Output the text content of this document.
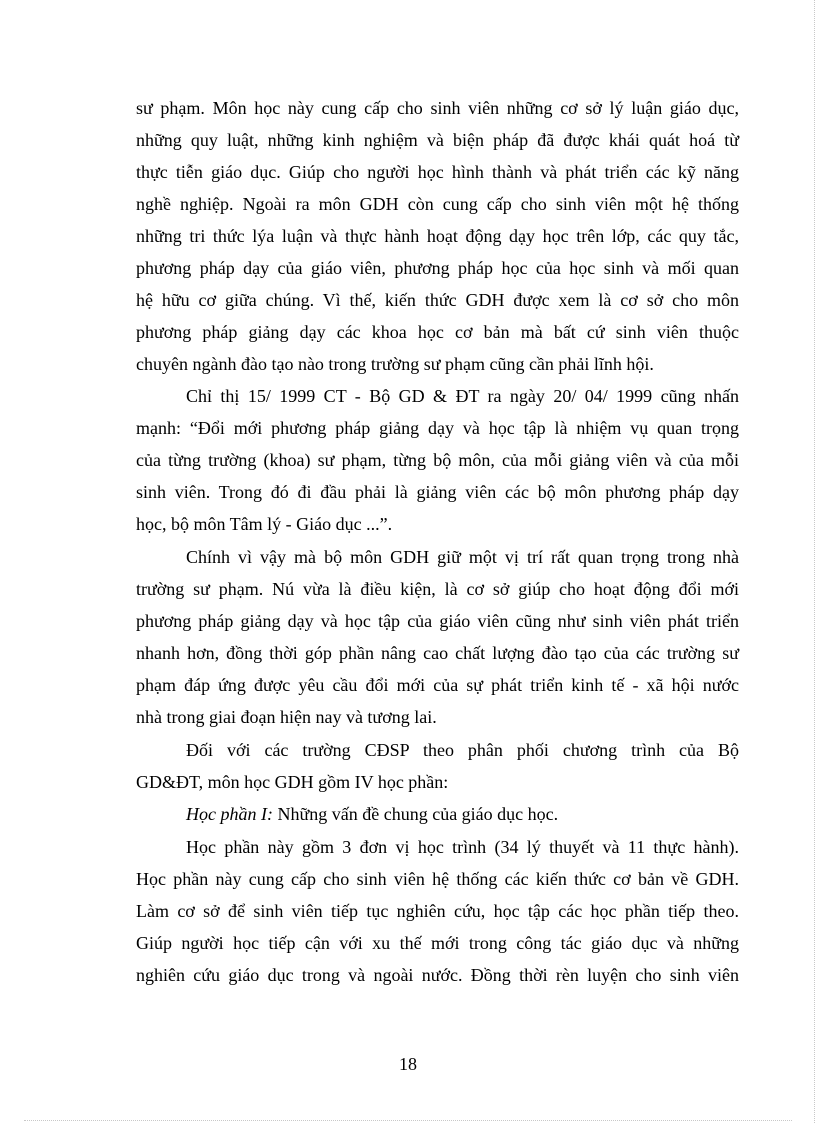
sư phạm. Môn học này cung cấp cho sinh viên những cơ sở lý luận giáo dục,
những quy luật, những kinh nghiệm và biện pháp đã được khái quát hoá từ
thực tiễn giáo dục. Giúp cho người học hình thành và phát triển các kỹ năng
nghề nghiệp. Ngoài ra môn GDH còn cung cấp cho sinh viên một hệ thống
những tri thức lýa luận và thực hành hoạt động dạy học trên lớp, các quy tắc,
phương pháp dạy của giáo viên, phương pháp học của học sinh và mối quan
hệ hữu cơ giữa chúng. Vì thế, kiến thức GDH được xem là cơ sở cho môn
phương pháp giảng dạy các khoa học cơ bản mà bất cứ sinh viên thuộc
chuyên ngành đào tạo nào trong trường sư phạm cũng cần phải lĩnh hội.
Chỉ thị 15/ 1999 CT - Bộ GD & ĐT ra ngày 20/ 04/ 1999 cũng nhấn
mạnh: “Đổi mới phương pháp giảng dạy và học tập là nhiệm vụ quan trọng
của từng trường (khoa) sư phạm, từng bộ môn, của mỗi giảng viên và của mỗi
sinh viên. Trong đó đi đầu phải là giảng viên các bộ môn phương pháp dạy
học, bộ môn Tâm lý - Giáo dục ...”.
Chính vì vậy mà bộ môn GDH giữ một vị trí rất quan trọng trong nhà
trường sư phạm. Nú vừa là điều kiện, là cơ sở giúp cho hoạt động đổi mới
phương pháp giảng dạy và học tập của giáo viên cũng như sinh viên phát triển
nhanh hơn, đồng thời góp phần nâng cao chất lượng đào tạo của các trường sư
phạm đáp ứng được yêu cầu đổi mới của sự phát triển kinh tế - xã hội nước
nhà trong giai đoạn hiện nay và tương lai.
Đối với các trường CĐSP theo phân phối chương trình của Bộ
GD&ĐT, môn học GDH gồm IV học phần:
Học phần I: Những vấn đề chung của giáo dục học.
Học phần này gồm 3 đơn vị học trình (34 lý thuyết và 11 thực hành).
Học phần này cung cấp cho sinh viên hệ thống các kiến thức cơ bản về GDH.
Làm cơ sở để sinh viên tiếp tục nghiên cứu, học tập các học phần tiếp theo.
Giúp người học tiếp cận với xu thế mới trong công tác giáo dục và những
nghiên cứu giáo dục trong và ngoài nước. Đồng thời rèn luyện cho sinh viên
18
